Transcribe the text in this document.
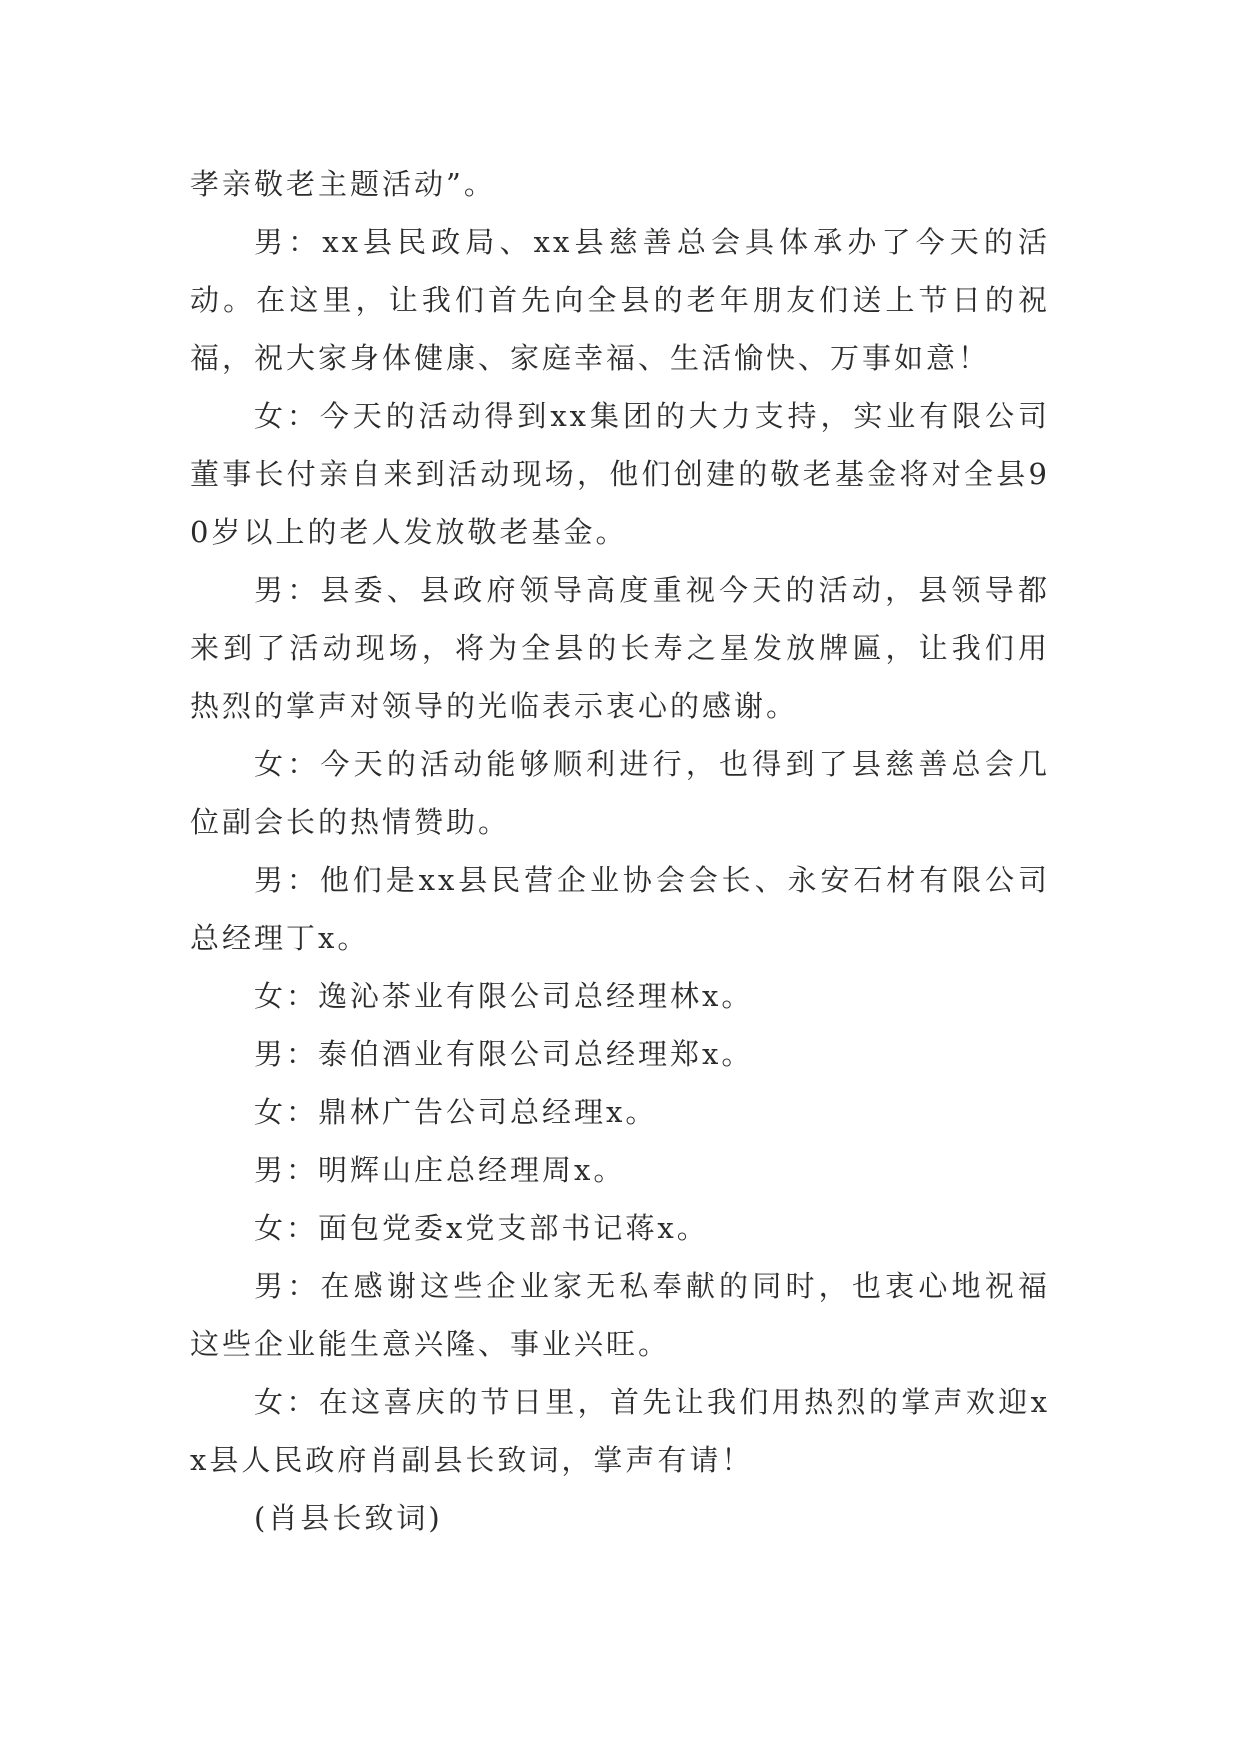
孝亲敬老主题活动”。

男：xx县民政局、xx县慈善总会具体承办了今天的活动。在这里，让我们首先向全县的老年朋友们送上节日的祝福，祝大家身体健康、家庭幸福、生活愉快、万事如意！

女：今天的活动得到xx集团的大力支持，实业有限公司董事长付亲自来到活动现场，他们创建的敬老基金将对全县90岁以上的老人发放敬老基金。

男：县委、县政府领导高度重视今天的活动，县领导都来到了活动现场，将为全县的长寿之星发放牌匾，让我们用热烈的掌声对领导的光临表示衷心的感谢。

女：今天的活动能够顺利进行，也得到了县慈善总会几位副会长的热情赞助。

男：他们是xx县民营企业协会会长、永安石材有限公司总经理丁x。

女：逸沁茶业有限公司总经理林x。

男：泰伯酒业有限公司总经理郑x。

女：鼎林广告公司总经理x。

男：明辉山庄总经理周x。

女：面包党委x党支部书记蒋x。

男：在感谢这些企业家无私奉献的同时，也衷心地祝福这些企业能生意兴隆、事业兴旺。

女：在这喜庆的节日里，首先让我们用热烈的掌声欢迎xx县人民政府肖副县长致词，掌声有请！

(肖县长致词)
